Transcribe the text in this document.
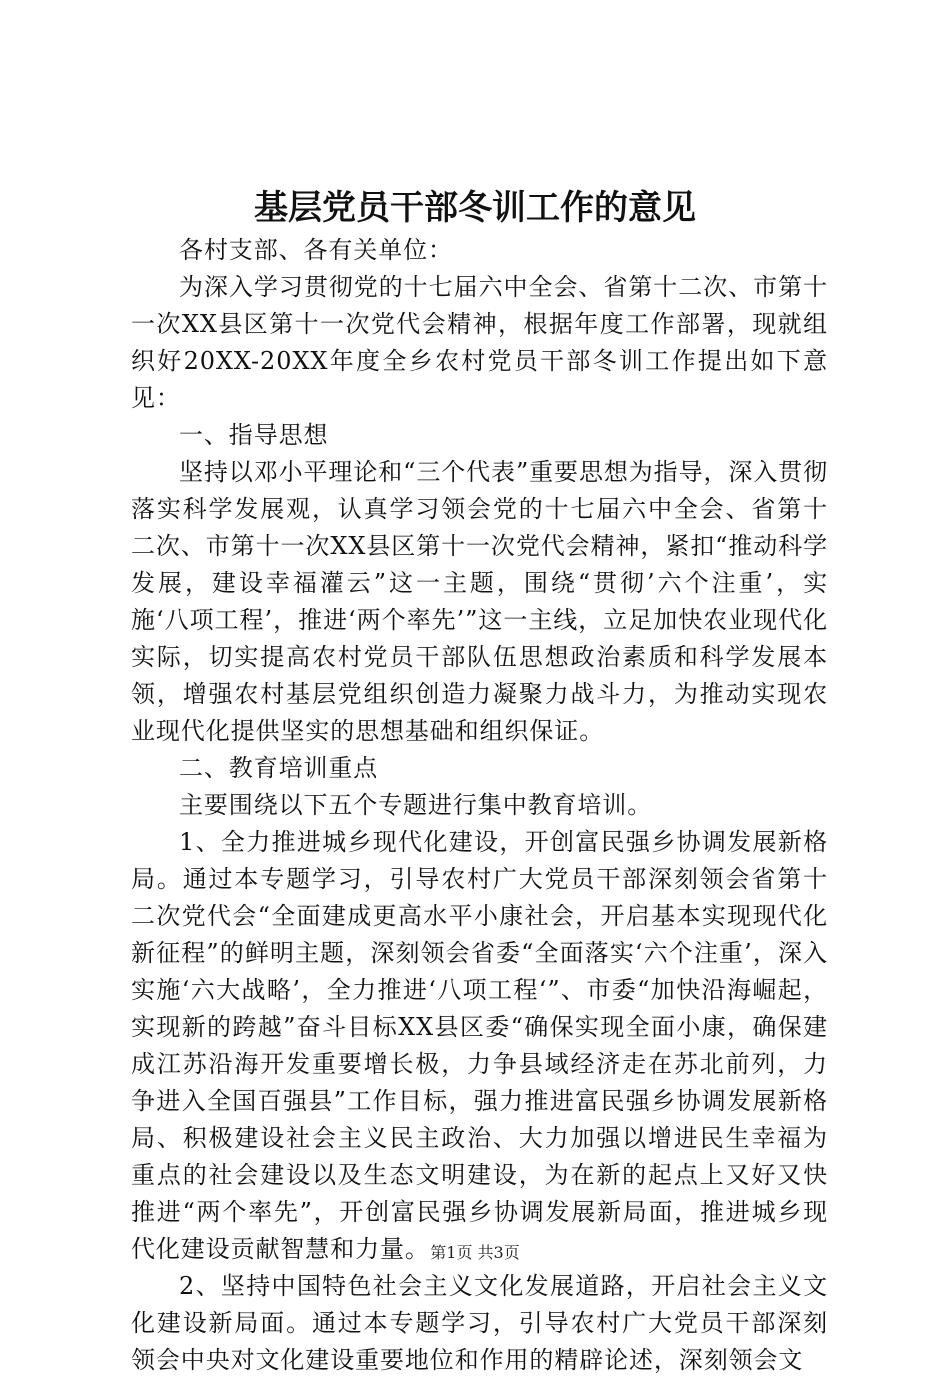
基层党员干部冬训工作的意见

各村支部、各有关单位：

为深入学习贯彻党的十七届六中全会、省第十二次、市第十一次XX县区第十一次党代会精神，根据年度工作部署，现就组织好20XX-20XX年度全乡农村党员干部冬训工作提出如下意见：

一、指导思想

坚持以邓小平理论和“三个代表”重要思想为指导，深入贯彻落实科学发展观，认真学习领会党的十七届六中全会、省第十二次、市第十一次XX县区第十一次党代会精神，紧扣“推动科学发展，建设幸福灌云”这一主题，围绕“贯彻’六个注重’，实施‘八项工程’，推进‘两个率先’”这一主线，立足加快农业现代化实际，切实提高农村党员干部队伍思想政治素质和科学发展本领，增强农村基层党组织创造力凝聚力战斗力，为推动实现农业现代化提供坚实的思想基础和组织保证。

二、教育培训重点

主要围绕以下五个专题进行集中教育培训。

1、全力推进城乡现代化建设，开创富民强乡协调发展新格局。通过本专题学习，引导农村广大党员干部深刻领会省第十二次党代会“全面建成更高水平小康社会，开启基本实现现代化新征程”的鲜明主题，深刻领会省委“全面落实‘六个注重’，深入实施‘六大战略’，全力推进‘八项工程‘”、市委“加快沿海崛起，实现新的跨越”奋斗目标XX县区委“确保实现全面小康，确保建成江苏沿海开发重要增长极，力争县域经济走在苏北前列，力争进入全国百强县”工作目标，强力推进富民强乡协调发展新格局、积极建设社会主义民主政治、大力加强以增进民生幸福为重点的社会建设以及生态文明建设，为在新的起点上又好又快推进“两个率先”，开创富民强乡协调发展新局面，推进城乡现代化建设贡献智慧和力量。

2、坚持中国特色社会主义文化发展道路，开启社会主义文化建设新局面。通过本专题学习，引导农村广大党员干部深刻领会中央对文化建设重要地位和作用的精辟论述，深刻领会文

第1页 共3页
